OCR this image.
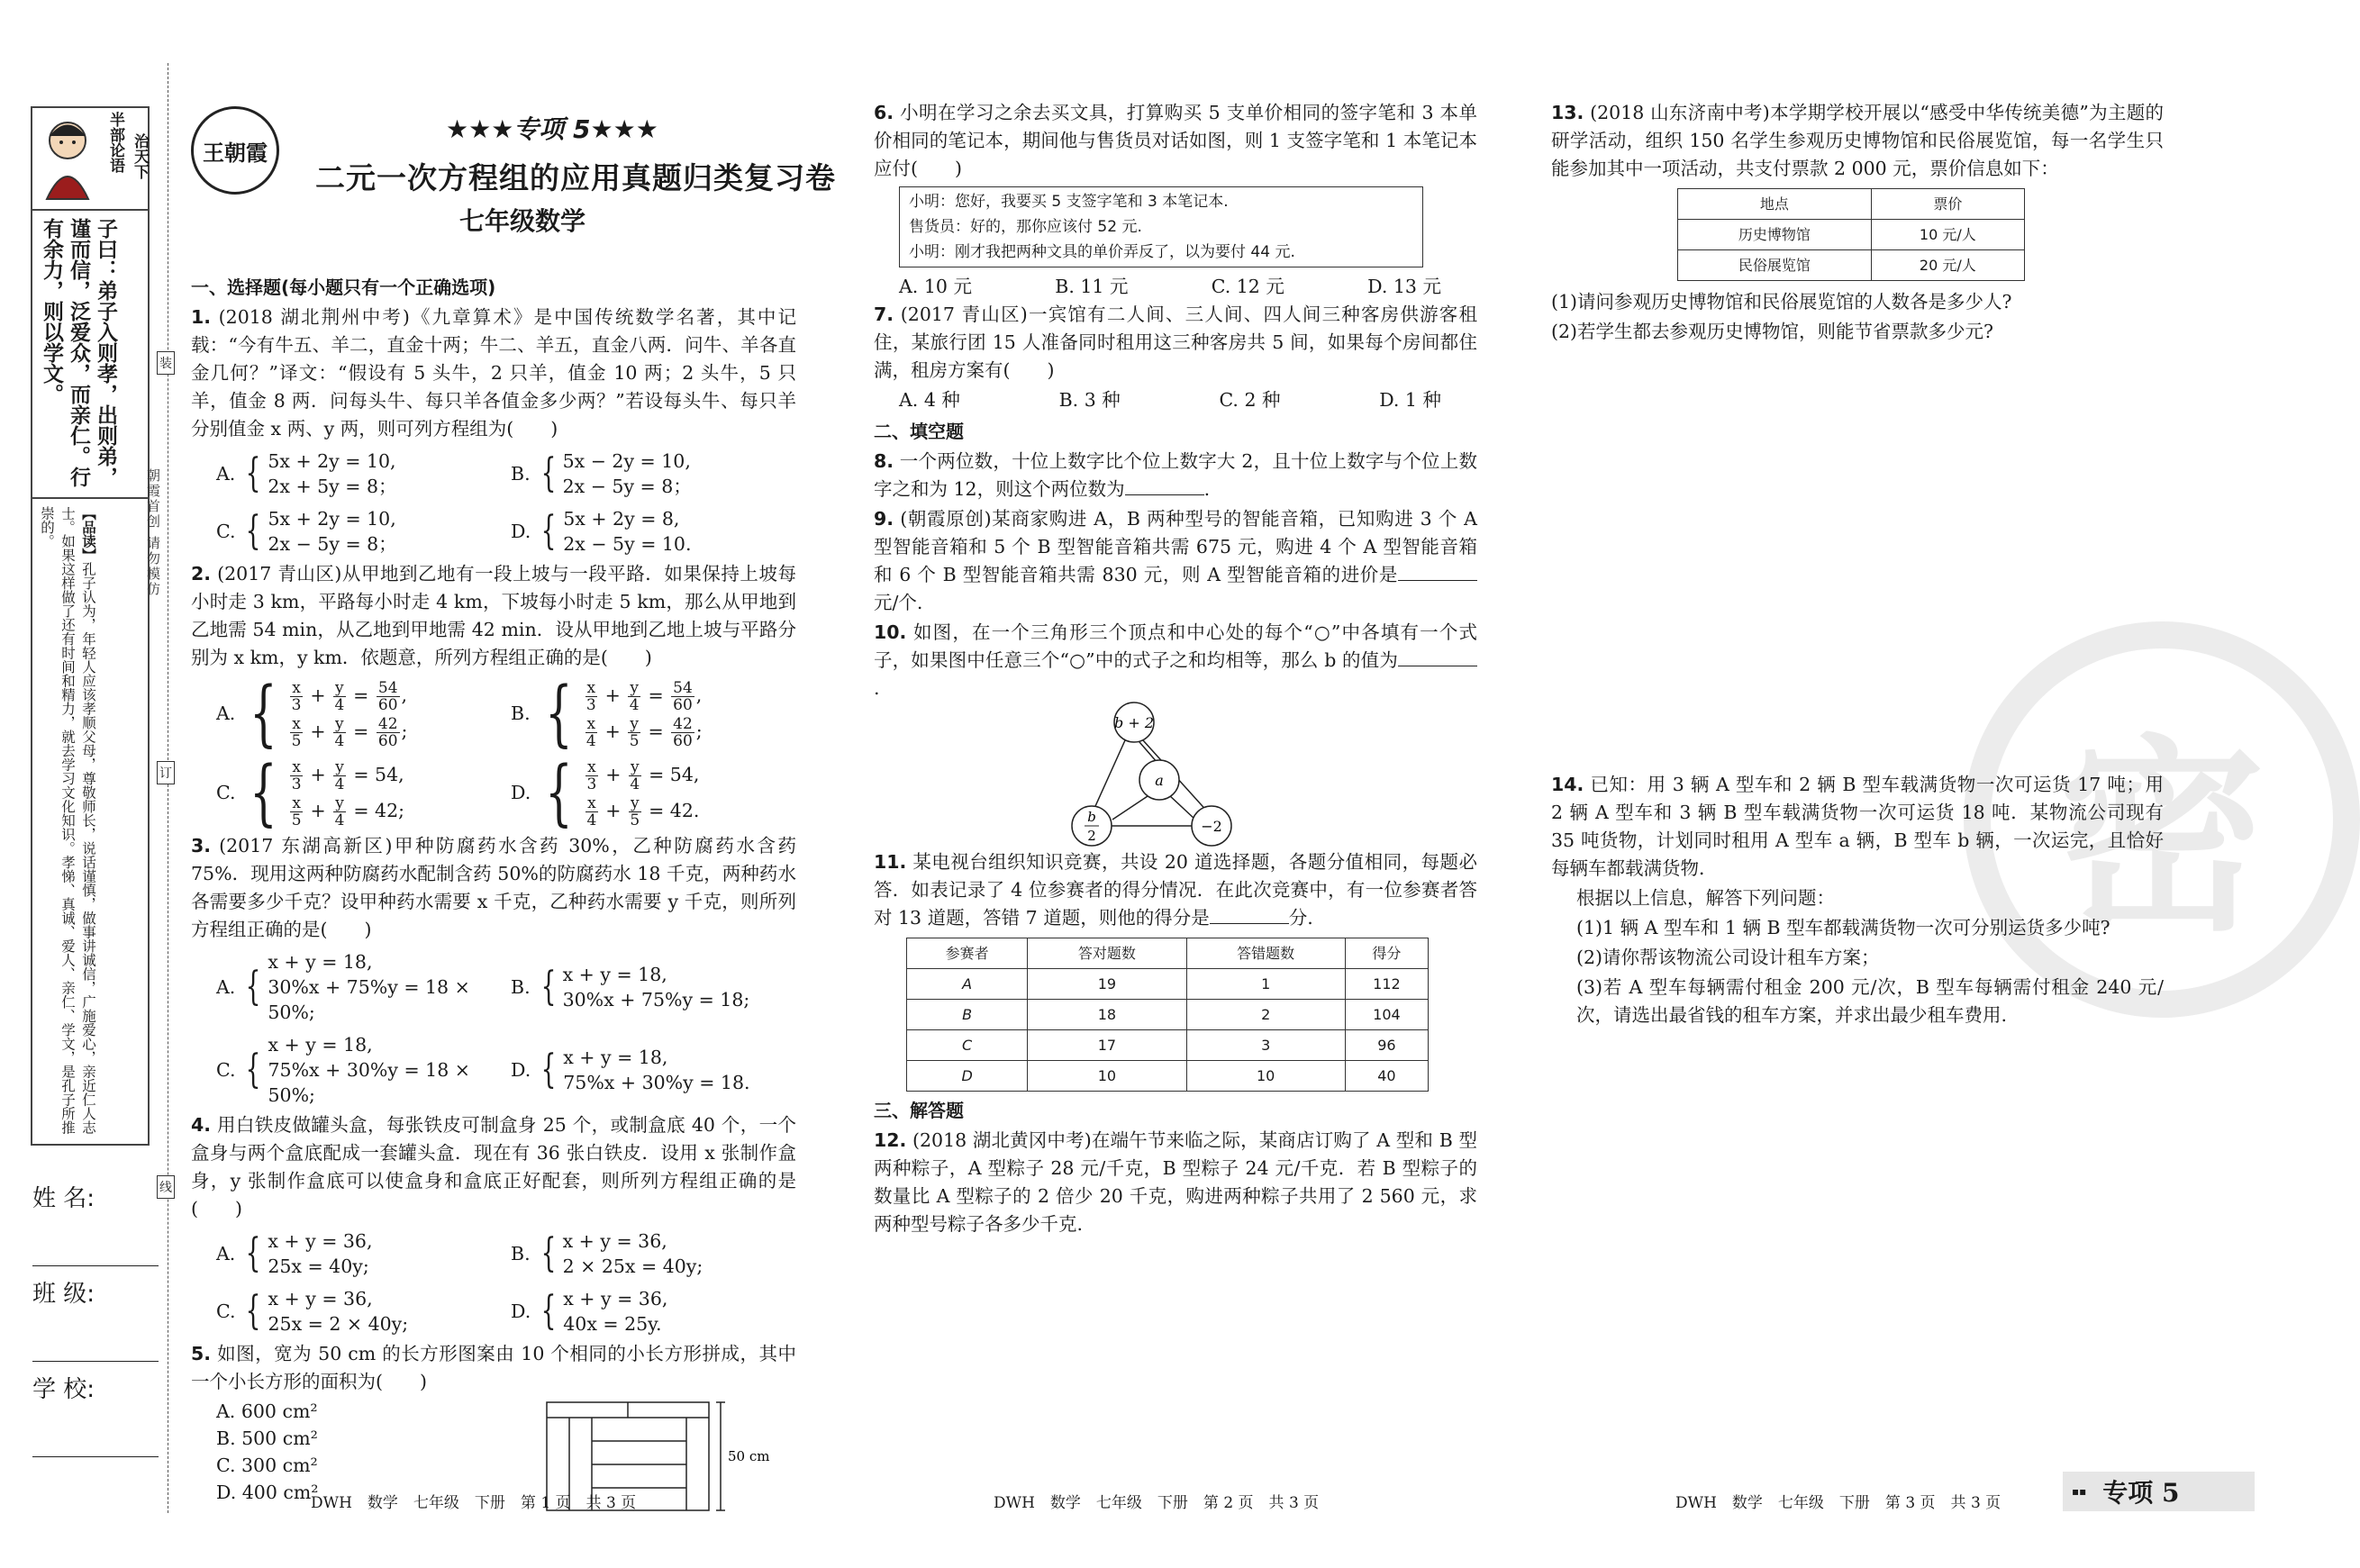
半部论语
治天下
子曰：弟子入则孝，出则弟，谨而信，泛爱众，而亲仁。行有余力，则以学文。
【品读】孔子认为，年轻人应该孝顺父母，尊敬师长，说话谨慎，做事讲诚信，广施爱心，亲近仁人志士。如果这样做了还有时间和精力，就去学习文化知识。孝悌、真诚、爱人、亲仁、学文，是孔子所推崇的。
姓 名:
班 级:
学 校:
朝霞首创 请勿模仿
装
订
线
王朝霞
★★★专项 5★★★
二元一次方程组的应用真题归类复习卷
七年级数学
一、选择题(每小题只有一个正确选项)
1. (2018 湖北荆州中考)《九章算术》是中国传统数学名著，其中记载：“今有牛五、羊二，直金十两；牛二、羊五，直金八两．问牛、羊各直金几何？”译文：“假设有 5 头牛，2 只羊，值金 10 两；2 头牛，5 只羊，值金 8 两．问每头牛、每只羊各值金多少两？”若设每头牛、每只羊分别值金 x 两、y 两，则可列方程组为(　　)
A. { 5x + 2y = 10,
2x + 5y = 8；
B. { 5x − 2y = 10,
2x − 5y = 8；
C. { 5x + 2y = 10,
2x − 5y = 8；
D. { 5x + 2y = 8,
2x − 5y = 10.
2. (2017 青山区)从甲地到乙地有一段上坡与一段平路．如果保持上坡每小时走 3 km，平路每小时走 4 km，下坡每小时走 5 km，那么从甲地到乙地需 54 min，从乙地到甲地需 42 min．设从甲地到乙地上坡与平路分别为 x km，y km．依题意，所列方程组正确的是(　　)
A. { $\frac{x}{3} + \frac{y}{4} = \frac{54}{60}$ ,
$\frac{x}{5} + \frac{y}{4} = \frac{42}{60}$ ;
B. { $\frac{x}{3} + \frac{y}{4} = \frac{54}{60}$ ,
$\frac{x}{4} + \frac{y}{5} = \frac{42}{60}$ ;
C. { $\frac{x}{3} + \frac{y}{4} = 54$,
$\frac{x}{5} + \frac{y}{4} = 42$;
D. { $\frac{x}{3} + \frac{y}{4} = 54$,
$\frac{x}{4} + \frac{y}{5} = 42$.
3. (2017 东湖高新区)甲种防腐药水含药 30%，乙种防腐药水含药 75%．现用这两种防腐药水配制含药 50%的防腐药水 18 千克，两种药水各需要多少千克？设甲种药水需要 x 千克，乙种药水需要 y 千克，则所列方程组正确的是(　　)
A. {
x + y = 18,
30%x + 75%y = 18 × 50%;
B. { x + y = 18,
30%x + 75%y = 18;
C. {
x + y = 18,
75%x + 30%y = 18 × 50%;
D. { x + y = 18,
75%x + 30%y = 18.
4. 用白铁皮做罐头盒，每张铁皮可制盒身 25 个，或制盒底 40 个，一个盒身与两个盒底配成一套罐头盒．现在有 36 张白铁皮．设用 x 张制作盒身，y 张制作盒底可以使盒身和盒底正好配套，则所列方程组正确的是(　　)
A. { x + y = 36,
25x = 40y;
B. { x + y = 36,
2 × 25x = 40y;
C. { x + y = 36,
25x = 2 × 40y;
D. { x + y = 36,
40x = 25y.
5. 如图，宽为 50 cm 的长方形图案由 10 个相同的小长方形拼成，其中一个小长方形的面积为(　　)
A. 600 cm²
B. 500 cm²
C. 300 cm²
D. 400 cm²
50 cm
DWH　数学　七年级　下册　第 1 页　共 3 页
6. 小明在学习之余去买文具，打算购买 5 支单价相同的签字笔和 3 本单价相同的笔记本，期间他与售货员对话如图，则 1 支签字笔和 1 本笔记本应付(　　)
小明：您好，我要买 5 支签字笔和 3 本笔记本.
售货员：好的，那你应该付 52 元.
小明：刚才我把两种文具的单价弄反了，以为要付 44 元.
A. 10 元	B. 11 元	C. 12 元	D. 13 元
7. (2017 青山区)一宾馆有二人间、三人间、四人间三种客房供游客租住，某旅行团 15 人准备同时租用这三种客房共 5 间，如果每个房间都住满，租房方案有(　　)
A. 4 种	B. 3 种	C. 2 种	D. 1 种
二、填空题
8. 一个两位数，十位上数字比个位上数字大 2，且十位上数字与个位上数字之和为 12，则这个两位数为	.
9. (朝霞原创)某商家购进 A，B 两种型号的智能音箱，已知购进 3 个 A 型智能音箱和 5 个 B 型智能音箱共需 675 元，购进 4 个 A 型智能音箱和 6 个 B 型智能音箱共需 830 元，则 A 型智能音箱的进价是元/个.
10. 如图，在一个三角形三个顶点和中心处的每个“○”中各填有一个式子，如果图中任意三个“○”中的式子之和均相等，那么 b 的值为.
b + 2
a
b
2
−2
11. 某电视台组织知识竞赛，共设 20 道选择题，各题分值相同，每题必答．如表记录了 4 位参赛者的得分情况．在此次竞赛中，有一位参赛者答对 13 道题，答错 7 道题，则他的得分是	分.
参赛者	答对题数	答错题数	得分
A	19	1	112
B	18	2	104
C	17	3	96
D	10	10	40
三、解答题
12. (2018 湖北黄冈中考)在端午节来临之际，某商店订购了 A 型和 B 型两种粽子，A 型粽子 28 元/千克，B 型粽子 24 元/千克．若 B 型粽子的数量比 A 型粽子的 2 倍少 20 千克，购进两种粽子共用了 2 560 元，求两种型号粽子各多少千克.
DWH　数学　七年级　下册　第 2 页　共 3 页
密
13. (2018 山东济南中考)本学期学校开展以“感受中华传统美德”为主题的研学活动，组织 150 名学生参观历史博物馆和民俗展览馆，每一名学生只能参加其中一项活动，共支付票款 2 000 元，票价信息如下：
地点	票价
历史博物馆	10 元/人
民俗展览馆	20 元/人
(1)请问参观历史博物馆和民俗展览馆的人数各是多少人?
(2)若学生都去参观历史博物馆，则能节省票款多少元?
14. 已知：用 3 辆 A 型车和 2 辆 B 型车载满货物一次可运货 17 吨；用 2 辆 A 型车和 3 辆 B 型车载满货物一次可运货 18 吨．某物流公司现有 35 吨货物，计划同时租用 A 型车 a 辆，B 型车 b 辆，一次运完，且恰好每辆车都载满货物．
根据以上信息，解答下列问题：
(1)1 辆 A 型车和 1 辆 B 型车都载满货物一次可分别运货多少吨?
(2)请你帮该物流公司设计租车方案；
(3)若 A 型车每辆需付租金 200 元/次，B 型车每辆需付租金 240 元/次，请选出最省钱的租车方案，并求出最少租车费用.
DWH　数学　七年级　下册　第 3 页　共 3 页
▪▪ 专项 5
